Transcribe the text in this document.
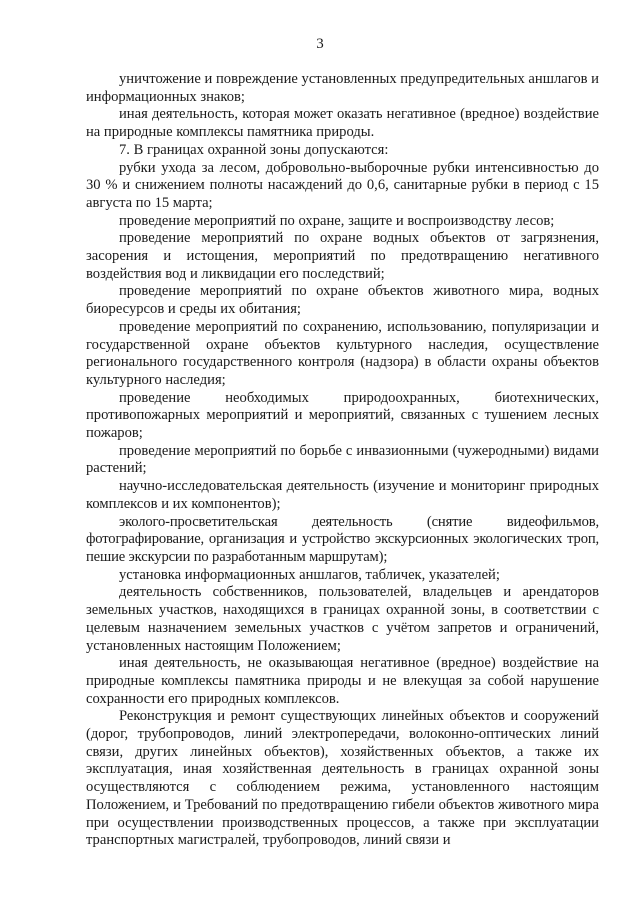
3

уничтожение и повреждение установленных предупредительных аншлагов и информационных знаков;

иная деятельность, которая может оказать негативное (вредное) воздействие на природные комплексы памятника природы.

7. В границах охранной зоны допускаются:

рубки ухода за лесом, добровольно-выборочные рубки интенсивностью до 30 % и снижением полноты насаждений до 0,6, санитарные рубки в период с 15 августа по 15 марта;

проведение мероприятий по охране, защите и воспроизводству лесов;

проведение мероприятий по охране водных объектов от загрязнения, засорения и истощения, мероприятий по предотвращению негативного воздействия вод и ликвидации его последствий;

проведение мероприятий по охране объектов животного мира, водных биоресурсов и среды их обитания;

проведение мероприятий по сохранению, использованию, популяризации и государственной охране объектов культурного наследия, осуществление регионального государственного контроля (надзора) в области охраны объектов культурного наследия;

проведение необходимых природоохранных, биотехнических, противопожарных мероприятий и мероприятий, связанных с тушением лесных пожаров;

проведение мероприятий по борьбе с инвазионными (чужеродными) видами растений;

научно-исследовательская деятельность (изучение и мониторинг природных комплексов и их компонентов);

эколого-просветительская деятельность (снятие видеофильмов, фотографирование, организация и устройство экскурсионных экологических троп, пешие экскурсии по разработанным маршрутам);

установка информационных аншлагов, табличек, указателей;

деятельность собственников, пользователей, владельцев и арендаторов земельных участков, находящихся в границах охранной зоны, в соответствии с целевым назначением земельных участков с учётом запретов и ограничений, установленных настоящим Положением;

иная деятельность, не оказывающая негативное (вредное) воздействие на природные комплексы памятника природы и не влекущая за собой нарушение сохранности его природных комплексов.

Реконструкция и ремонт существующих линейных объектов и сооружений (дорог, трубопроводов, линий электропередачи, волоконно-оптических линий связи, других линейных объектов), хозяйственных объектов, а также их эксплуатация, иная хозяйственная деятельность в границах охранной зоны осуществляются с соблюдением режима, установленного настоящим Положением, и Требований по предотвращению гибели объектов животного мира при осуществлении производственных процессов, а также при эксплуатации транспортных магистралей, трубопроводов, линий связи и
